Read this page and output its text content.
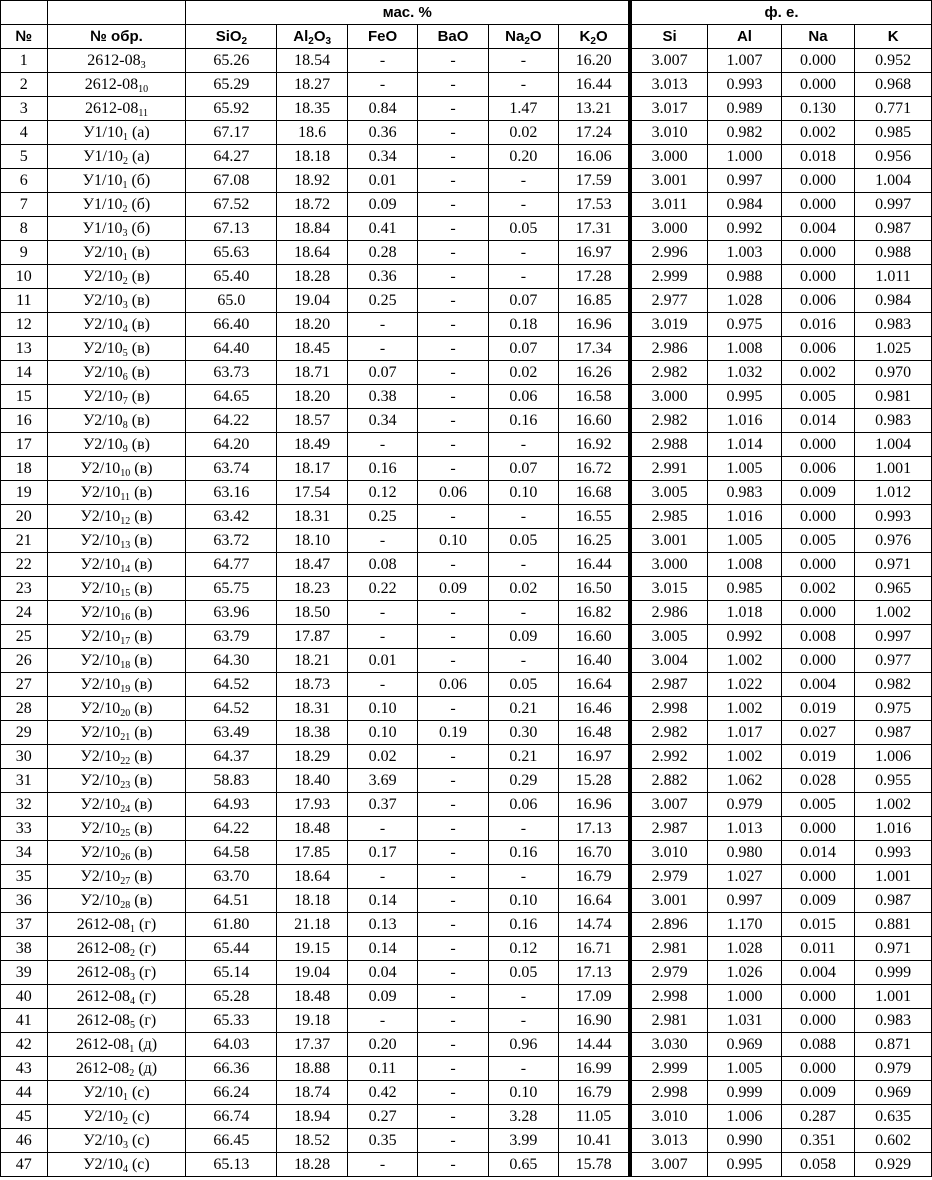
		мас. %						ф. е.			
№	№ обр.	SiO$_2$	$Al_2O_3$	FeO	BaO	$Na_2O$	$K_2O$	Si	Al	Na	K
1	$2612-08_3$	65.26	18.54	-	-	-	16.20	3.007	1.007	0.000	0.952
2	$2612-08_{10}$	65.29	18.27	-	-	-	16.44	3.013	0.993	0.000	0.968
3	$2612-08_{11}$	65.92	18.35	0.84	-	1.47	13.21	3.017	0.989	0.130	0.771
4	$У1/10_1$ (а)	67.17	18.6	0.36	-	0.02	17.24	3.010	0.982	0.002	0.985
5	$У1/10_2$ (а)	64.27	18.18	0.34	-	0.20	16.06	3.000	1.000	0.018	0.956
6	$У1/10_1$ (б)	67.08	18.92	0.01	-	-	17.59	3.001	0.997	0.000	1.004
7	$У1/10_2$ (б)	67.52	18.72	0.09	-	-	17.53	3.011	0.984	0.000	0.997
8	$У1/10_3$ (б)	67.13	18.84	0.41	-	0.05	17.31	3.000	0.992	0.004	0.987
9	$У2/10_1$ (в)	65.63	18.64	0.28	-	-	16.97	2.996	1.003	0.000	0.988
10	$У2/10_2$ (в)	65.40	18.28	0.36	-	-	17.28	2.999	0.988	0.000	1.011
11	$У2/10_3$ (в)	65.0	19.04	0.25	-	0.07	16.85	2.977	1.028	0.006	0.984
12	$У2/10_4$ (в)	66.40	18.20	-	-	0.18	16.96	3.019	0.975	0.016	0.983
13	$У2/10_5$ (в)	64.40	18.45	-	-	0.07	17.34	2.986	1.008	0.006	1.025
14	$У2/10_6$ (в)	63.73	18.71	0.07	-	0.02	16.26	2.982	1.032	0.002	0.970
15	$У2/10_7$ (в)	64.65	18.20	0.38	-	0.06	16.58	3.000	0.995	0.005	0.981
16	$У2/10_8$ (в)	64.22	18.57	0.34	-	0.16	16.60	2.982	1.016	0.014	0.983
17	$У2/10_9$ (в)	64.20	18.49	-	-	-	16.92	2.988	1.014	0.000	1.004
18	$У2/10_{10}$ (в)	63.74	18.17	0.16	-	0.07	16.72	2.991	1.005	0.006	1.001
19	$У2/10_{11}$ (в)	63.16	17.54	0.12	0.06	0.10	16.68	3.005	0.983	0.009	1.012
20	$У2/10_{12}$ (в)	63.42	18.31	0.25	-	-	16.55	2.985	1.016	0.000	0.993
21	$У2/10_{13}$ (в)	63.72	18.10	-	0.10	0.05	16.25	3.001	1.005	0.005	0.976
22	$У2/10_{14}$ (в)	64.77	18.47	0.08	-	-	16.44	3.000	1.008	0.000	0.971
23	$У2/10_{15}$ (в)	65.75	18.23	0.22	0.09	0.02	16.50	3.015	0.985	0.002	0.965
24	$У2/10_{16}$ (в)	63.96	18.50	-	-	-	16.82	2.986	1.018	0.000	1.002
25	$У2/10_{17}$ (в)	63.79	17.87	-	-	0.09	16.60	3.005	0.992	0.008	0.997
26	$У2/10_{18}$ (в)	64.30	18.21	0.01	-	-	16.40	3.004	1.002	0.000	0.977
27	$У2/10_{19}$ (в)	64.52	18.73	-	0.06	0.05	16.64	2.987	1.022	0.004	0.982
28	$У2/10_{20}$ (в)	64.52	18.31	0.10	-	0.21	16.46	2.998	1.002	0.019	0.975
29	$У2/10_{21}$ (в)	63.49	18.38	0.10	0.19	0.30	16.48	2.982	1.017	0.027	0.987
30	$У2/10_{22}$ (в)	64.37	18.29	0.02	-	0.21	16.97	2.992	1.002	0.019	1.006
31	$У2/10_{23}$ (в)	58.83	18.40	3.69	-	0.29	15.28	2.882	1.062	0.028	0.955
32	$У2/10_{24}$ (в)	64.93	17.93	0.37	-	0.06	16.96	3.007	0.979	0.005	1.002
33	$У2/10_{25}$ (в)	64.22	18.48	-	-	-	17.13	2.987	1.013	0.000	1.016
34	$У2/10_{26}$ (в)	64.58	17.85	0.17	-	0.16	16.70	3.010	0.980	0.014	0.993
35	$У2/10_{27}$ (в)	63.70	18.64	-	-	-	16.79	2.979	1.027	0.000	1.001
36	$У2/10_{28}$ (в)	64.51	18.18	0.14	-	0.10	16.64	3.001	0.997	0.009	0.987
37	$2612-08_1$ (г)	61.80	21.18	0.13	-	0.16	14.74	2.896	1.170	0.015	0.881
38	$2612-08_2$ (г)	65.44	19.15	0.14	-	0.12	16.71	2.981	1.028	0.011	0.971
39	$2612-08_3$ (г)	65.14	19.04	0.04	-	0.05	17.13	2.979	1.026	0.004	0.999
40	$2612-08_4$ (г)	65.28	18.48	0.09	-	-	17.09	2.998	1.000	0.000	1.001
41	$2612-08_5$ (г)	65.33	19.18	-	-	-	16.90	2.981	1.031	0.000	0.983
42	$2612-08_1$ (д)	64.03	17.37	0.20	-	0.96	14.44	3.030	0.969	0.088	0.871
43	$2612-08_2$ (д)	66.36	18.88	0.11	-	-	16.99	2.999	1.005	0.000	0.979
44	$У2/10_1$ (с)	66.24	18.74	0.42	-	0.10	16.79	2.998	0.999	0.009	0.969
45	$У2/10_2$ (с)	66.74	18.94	0.27	-	3.28	11.05	3.010	1.006	0.287	0.635
46	$У2/10_3$ (с)	66.45	18.52	0.35	-	3.99	10.41	3.013	0.990	0.351	0.602
47	$У2/10_4$ (с)	65.13	18.28	-	-	0.65	15.78	3.007	0.995	0.058	0.929
